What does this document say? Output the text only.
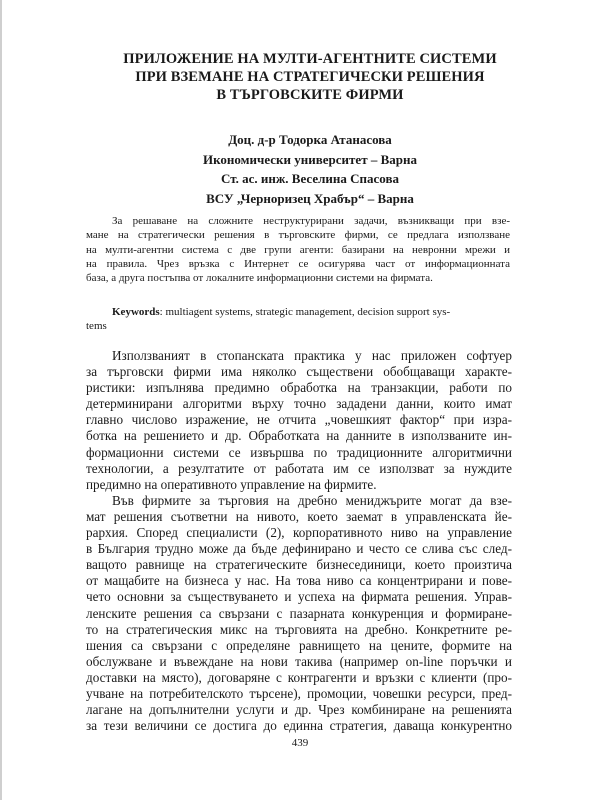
ПРИЛОЖЕНИЕ НА МУЛТИ-АГЕНТНИТЕ СИСТЕМИ
ПРИ ВЗЕМАНЕ НА СТРАТЕГИЧЕСКИ РЕШЕНИЯ
В ТЪРГОВСКИТЕ ФИРМИ
Доц. д-р Тодорка Атанасова
Икономически университет – Варна
Ст. ас. инж. Веселина Спасова
ВСУ „Черноризец Храбър“ – Варна
За решаване на сложните неструктурирани задачи, възникващи при взе-
мане на стратегически решения в търговските фирми, се предлага използване
на мулти-агентни система с две групи агенти: базирани на невронни мрежи и
на правила. Чрез връзка с Интернет се осигурява част от информационната
база, а друга постъпва от локалните информационни системи на фирмата.
Keywords: multiagent systems, strategic management, decision support sys-
tems
Използваният в стопанската практика у нас приложен софтуер
за търговски фирми има няколко съществени обобщаващи характе-
ристики: изпълнява предимно обработка на транзакции, работи по
детерминирани алгоритми върху точно зададени данни, които имат
главно числово изражение, не отчита „човешкият фактор“ при изра-
ботка на решението и др. Обработката на данните в използваните ин-
формационни системи се извършва по традиционните алгоритмични
технологии, а резултатите от работата им се използват за нуждите
предимно на оперативното управление на фирмите.
Във фирмите за търговия на дребно мениджърите могат да взе-
мат решения съответни на нивото, което заемат в управленската йе-
рархия. Според специалисти (2), корпоративното ниво на управление
в България трудно може да бъде дефинирано и често се слива със след-
ващото равнище на стратегическите бизнесединици, което произтича
от мащабите на бизнеса у нас. На това ниво са концентрирани и пове-
чето основни за съществуването и успеха на фирмата решения. Управ-
ленските решения са свързани с пазарната конкуренция и формиране-
то на стратегическия микс на търговията на дребно. Конкретните ре-
шения са свързани с определяне равнището на цените, формите на
обслужване и въвеждане на нови такива (например on-line поръчки и
доставки на място), договаряне с контрагенти и връзки с клиенти (про-
учване на потребителското търсене), промоции, човешки ресурси, пред-
лагане на допълнителни услуги и др. Чрез комбиниране на решенията
за тези величини се достига до единна стратегия, даваща конкурентно
439
